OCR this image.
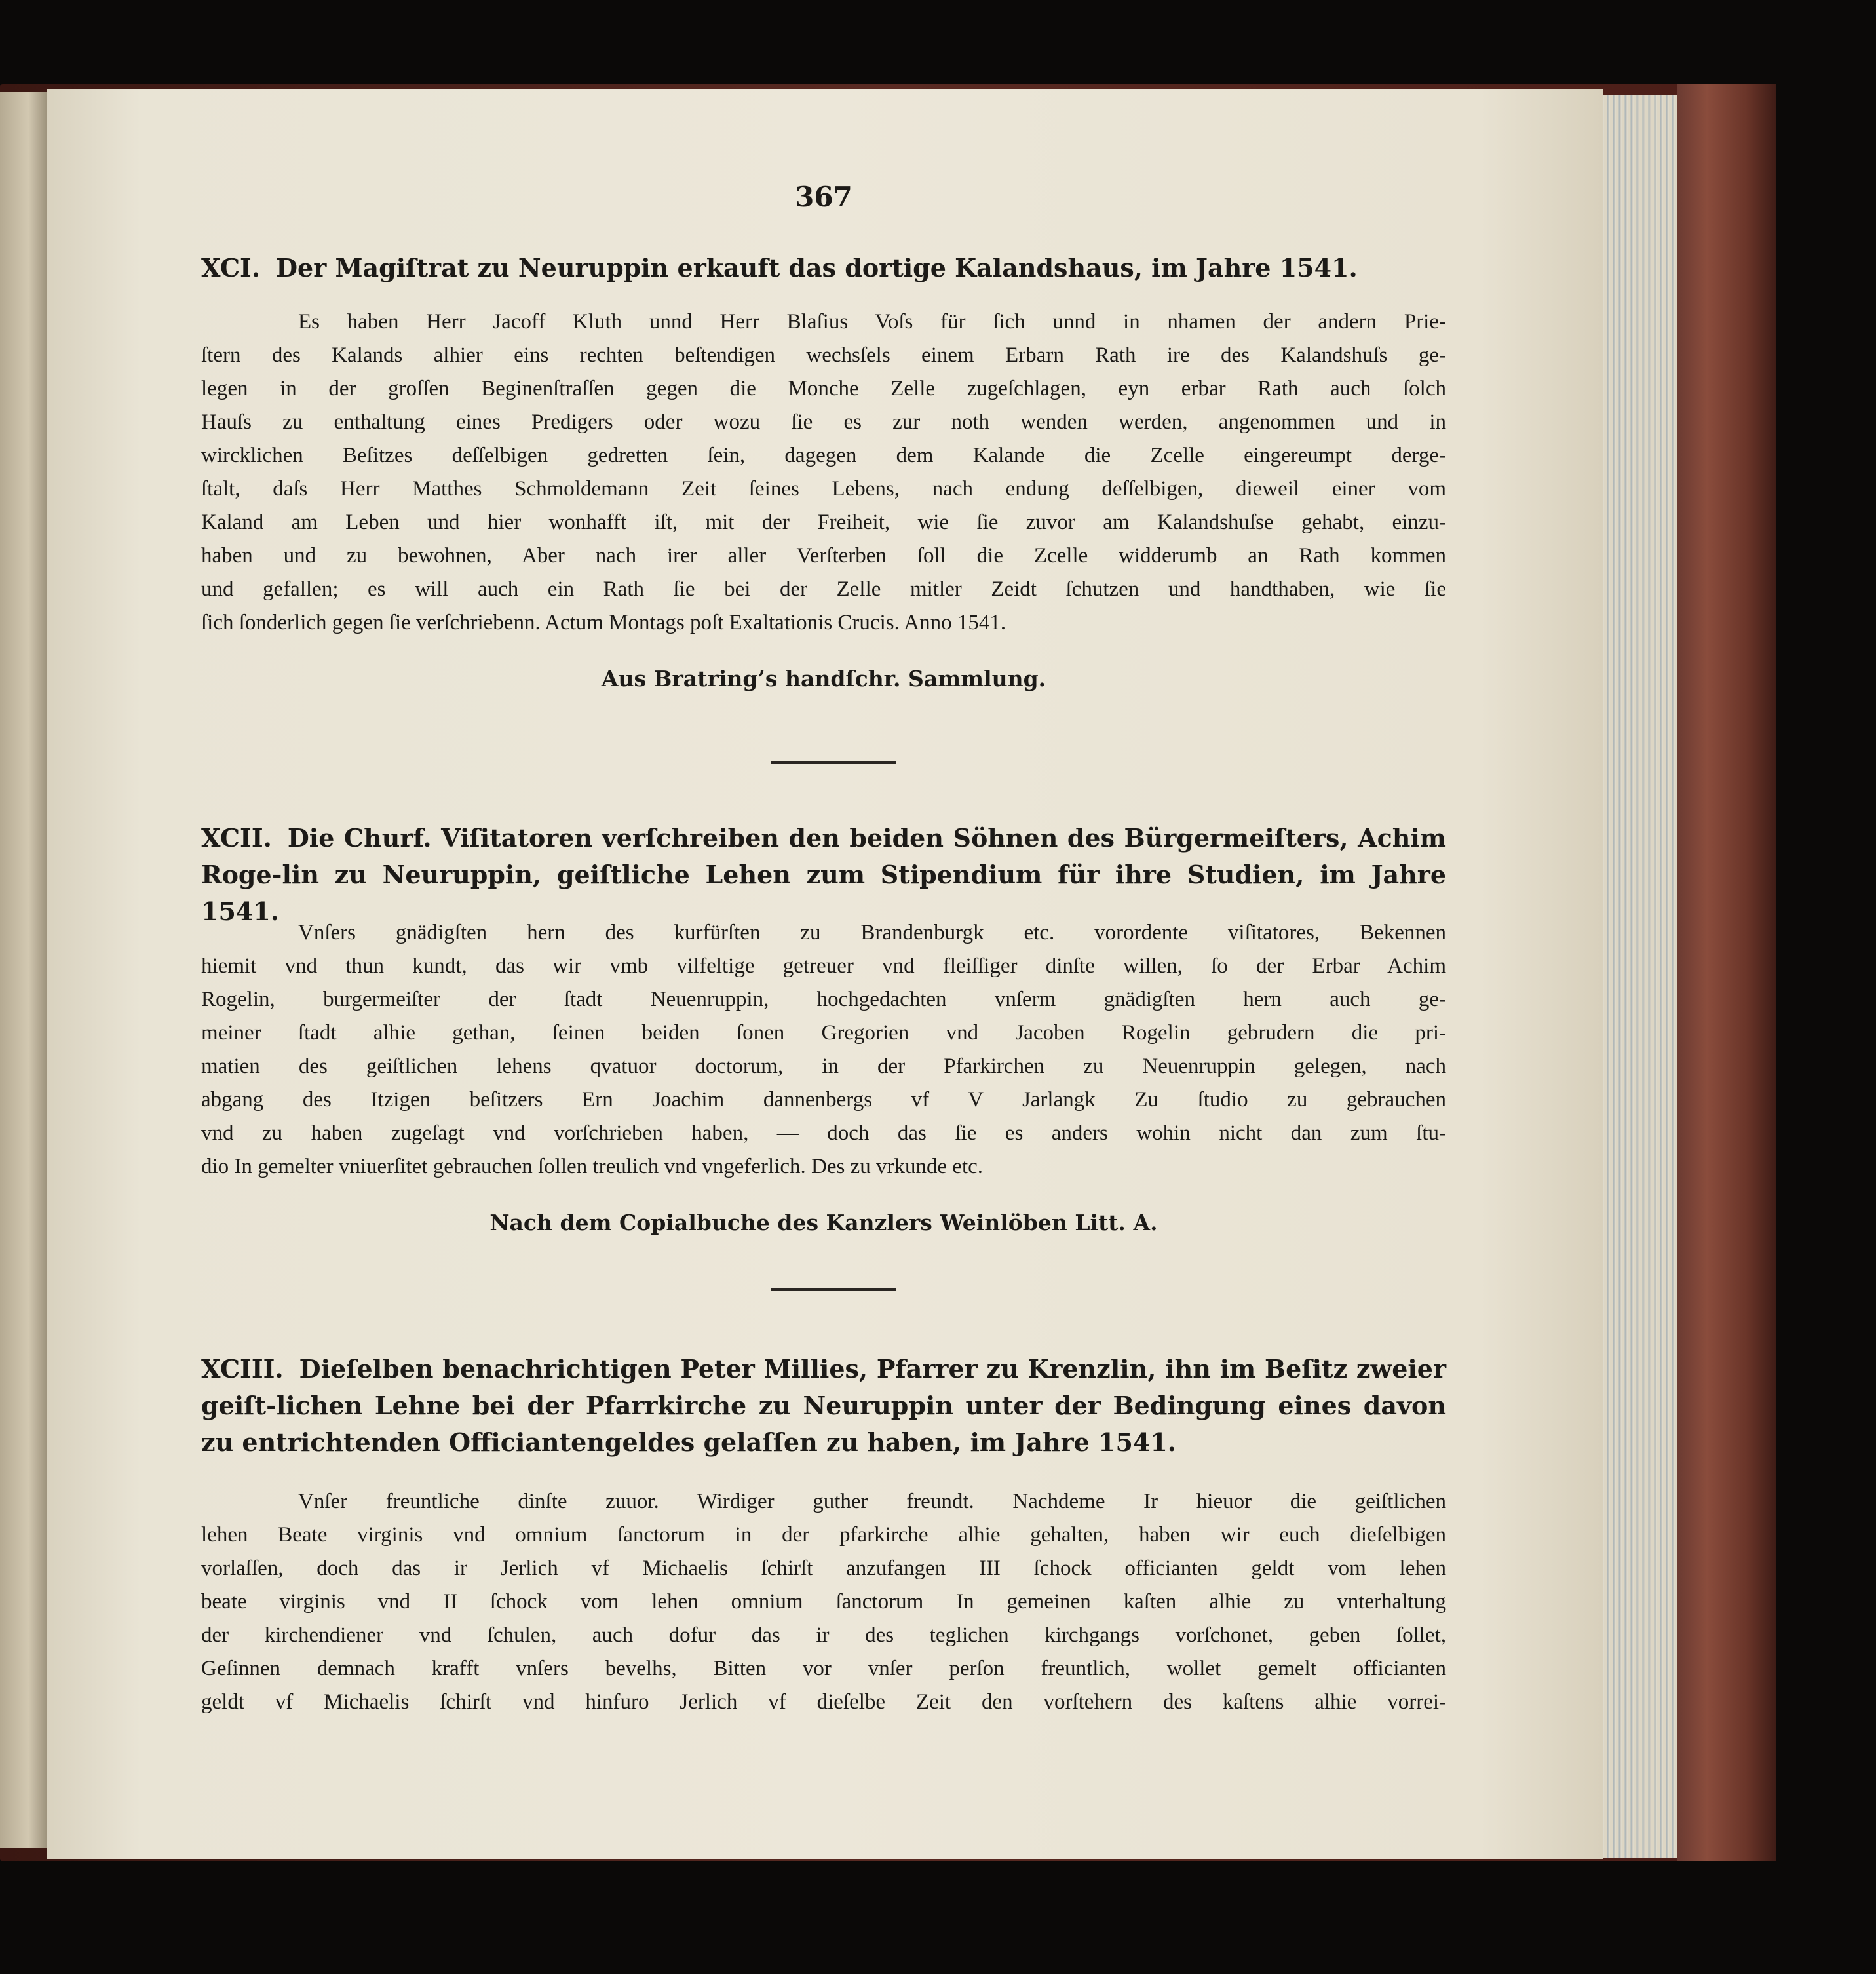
367
XCI. Der Magiſtrat zu Neuruppin erkauft das dortige Kalandshaus, im Jahre 1541.
Es haben Herr Jacoff Kluth unnd Herr Blaſius Voſs für ſich unnd in nhamen der andern Prie-
ſtern des Kalands alhier eins rechten beſtendigen wechsſels einem Erbarn Rath ire des Kalandshuſs ge-
legen in der groſſen Beginenſtraſſen gegen die Monche Zelle zugeſchlagen, eyn erbar Rath auch ſolch
Hauſs zu enthaltung eines Predigers oder wozu ſie es zur noth wenden werden, angenommen und in
wircklichen Beſitzes deſſelbigen gedretten ſein, dagegen dem Kalande die Zcelle eingereumpt derge-
ſtalt, daſs Herr Matthes Schmoldemann Zeit ſeines Lebens, nach endung deſſelbigen, dieweil einer vom
Kaland am Leben und hier wonhafft iſt, mit der Freiheit, wie ſie zuvor am Kalandshuſse gehabt, einzu-
haben und zu bewohnen, Aber nach irer aller Verſterben ſoll die Zcelle widderumb an Rath kommen
und gefallen; es will auch ein Rath ſie bei der Zelle mitler Zeidt ſchutzen und handthaben, wie ſie
ſich ſonderlich gegen ſie verſchriebenn. Actum Montags poſt Exaltationis Crucis. Anno 1541.
Aus Bratring’s handſchr. Sammlung.
XCII. Die Churf. Viſitatoren verſchreiben den beiden Söhnen des Bürgermeiſters, Achim Roge-lin zu Neuruppin, geiſtliche Lehen zum Stipendium für ihre Studien, im Jahre 1541.
Vnſers gnädigſten hern des kurfürſten zu Brandenburgk etc. vorordente viſitatores, Bekennen
hiemit vnd thun kundt, das wir vmb vilfeltige getreuer vnd fleiſſiger dinſte willen, ſo der Erbar Achim
Rogelin, burgermeiſter der ſtadt Neuenruppin, hochgedachten vnſerm gnädigſten hern auch ge-
meiner ſtadt alhie gethan, ſeinen beiden ſonen Gregorien vnd Jacoben Rogelin gebrudern die pri-
matien des geiſtlichen lehens qvatuor doctorum, in der Pfarkirchen zu Neuenruppin gelegen, nach
abgang des Itzigen beſitzers Ern Joachim dannenbergs vf V Jarlangk Zu ſtudio zu gebrauchen
vnd zu haben zugeſagt vnd vorſchrieben haben, — doch das ſie es anders wohin nicht dan zum ſtu-
dio In gemelter vniuerſitet gebrauchen ſollen treulich vnd vngeferlich. Des zu vrkunde etc.
Nach dem Copialbuche des Kanzlers Weinlöben Litt. A.
XCIII. Dieſelben benachrichtigen Peter Millies, Pfarrer zu Krenzlin, ihn im Beſitz zweier geiſt-lichen Lehne bei der Pfarrkirche zu Neuruppin unter der Bedingung eines davon zu entrichtenden Officiantengeldes gelaſſen zu haben, im Jahre 1541.
Vnſer freuntliche dinſte zuuor. Wirdiger guther freundt. Nachdeme Ir hieuor die geiſtlichen
lehen Beate virginis vnd omnium ſanctorum in der pfarkirche alhie gehalten, haben wir euch dieſelbigen
vorlaſſen, doch das ir Jerlich vf Michaelis ſchirſt anzufangen III ſchock officianten geldt vom lehen
beate virginis vnd II ſchock vom lehen omnium ſanctorum In gemeinen kaſten alhie zu vnterhaltung
der kirchendiener vnd ſchulen, auch dofur das ir des teglichen kirchgangs vorſchonet, geben ſollet,
Geſinnen demnach krafft vnſers bevelhs, Bitten vor vnſer perſon freuntlich, wollet gemelt officianten
geldt vf Michaelis ſchirſt vnd hinfuro Jerlich vf dieſelbe Zeit den vorſtehern des kaſtens alhie vorrei-
